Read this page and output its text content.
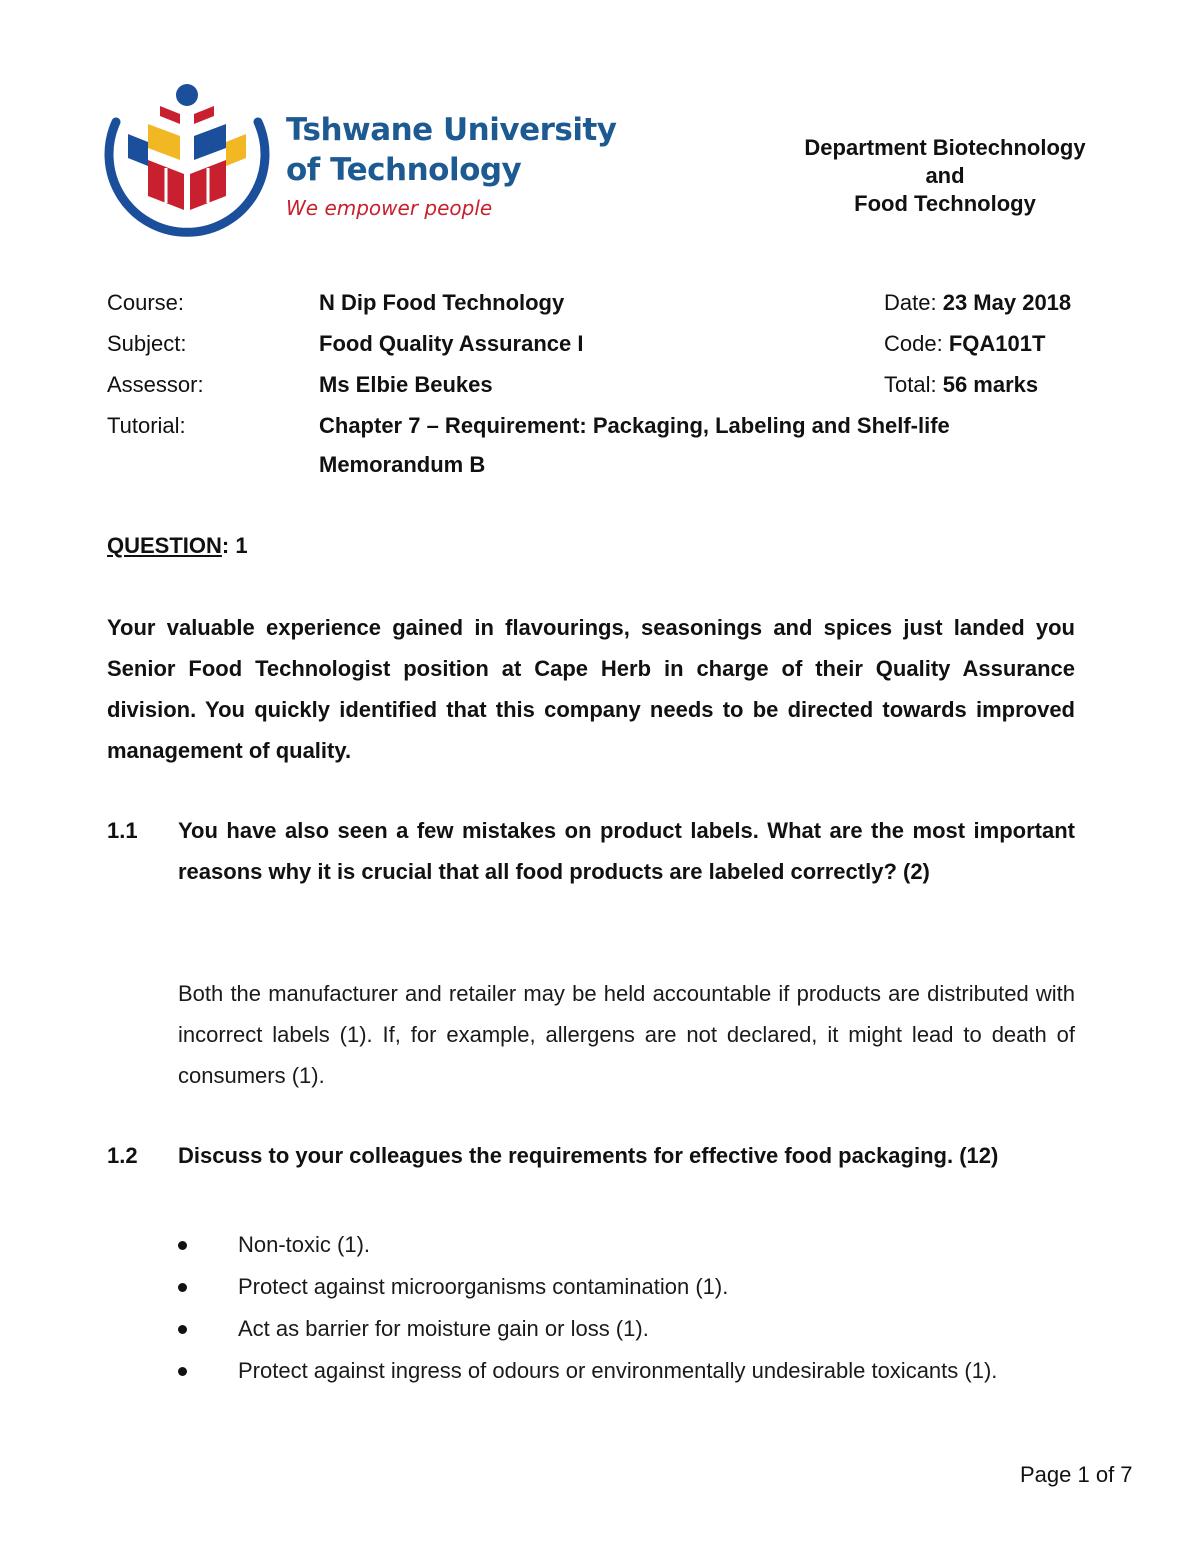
Tshwane University
of Technology
We empower people
Department Biotechnology
and
Food Technology
Course:	N Dip Food Technology	Date: 23 May 2018
Subject:	Food Quality Assurance I	Code: FQA101T
Assessor:	Ms Elbie Beukes	Total: 56 marks
Tutorial:	Chapter 7 – Requirement: Packaging, Labeling and Shelf-life
Memorandum B
QUESTION: 1
Your valuable experience gained in flavourings, seasonings and spices just landed you Senior Food Technologist position at Cape Herb in charge of their Quality Assurance division. You quickly identified that this company needs to be directed towards improved management of quality.
1.1 You have also seen a few mistakes on product labels. What are the most important reasons why it is crucial that all food products are labeled correctly? (2)
Both the manufacturer and retailer may be held accountable if products are distributed with incorrect labels (1). If, for example, allergens are not declared, it might lead to death of consumers (1).
1.2 Discuss to your colleagues the requirements for effective food packaging. (12)
Non-toxic (1).
Protect against microorganisms contamination (1).
Act as barrier for moisture gain or loss (1).
Protect against ingress of odours or environmentally undesirable toxicants (1).
Page 1 of 7
